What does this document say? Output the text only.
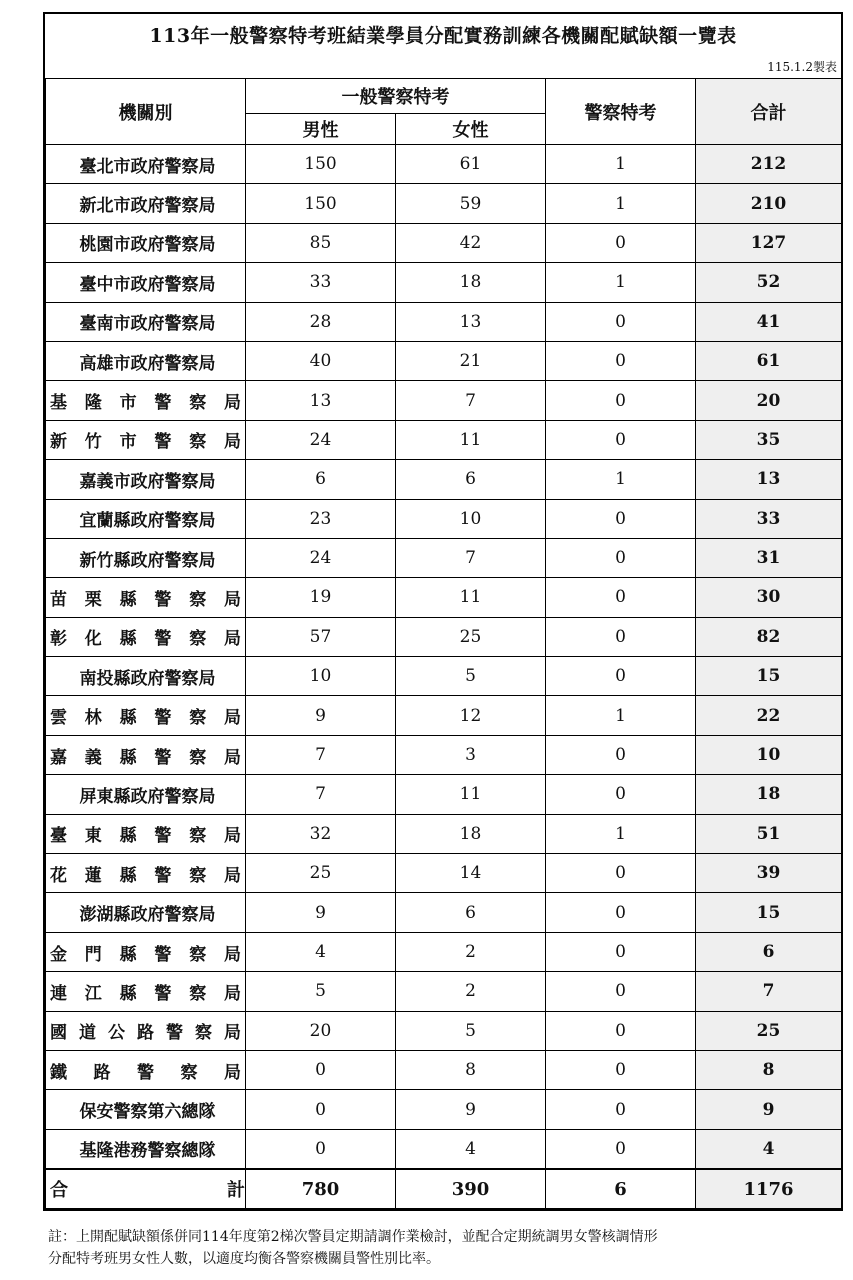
113年一般警察特考班結業學員分配實務訓練各機關配賦缺額一覽表
115.1.2製表
機關別	一般警察特考		警察特考	合計
	男性	女性		
臺北市政府警察局	150	61	1	212
新北市政府警察局	150	59	1	210
桃園市政府警察局	85	42	0	127
臺中市政府警察局	33	18	1	52
臺南市政府警察局	28	13	0	41
高雄市政府警察局	40	21	0	61
基隆市警察局	13	7	0	20
新竹市警察局	24	11	0	35
嘉義市政府警察局	6	6	1	13
宜蘭縣政府警察局	23	10	0	33
新竹縣政府警察局	24	7	0	31
苗栗縣警察局	19	11	0	30
彰化縣警察局	57	25	0	82
南投縣政府警察局	10	5	0	15
雲林縣警察局	9	12	1	22
嘉義縣警察局	7	3	0	10
屏東縣政府警察局	7	11	0	18
臺東縣警察局	32	18	1	51
花蓮縣警察局	25	14	0	39
澎湖縣政府警察局	9	6	0	15
金門縣警察局	4	2	0	6
連江縣警察局	5	2	0	7
國道公路警察局	20	5	0	25
鐵路警察局	0	8	0	8
保安警察第六總隊	0	9	0	9
基隆港務警察總隊	0	4	0	4
合計	780	390	6	1176
註：上開配賦缺額係併同114年度第2梯次警員定期請調作業檢討，並配合定期統調男女警核調情形
分配特考班男女性人數，以適度均衡各警察機關員警性別比率。
